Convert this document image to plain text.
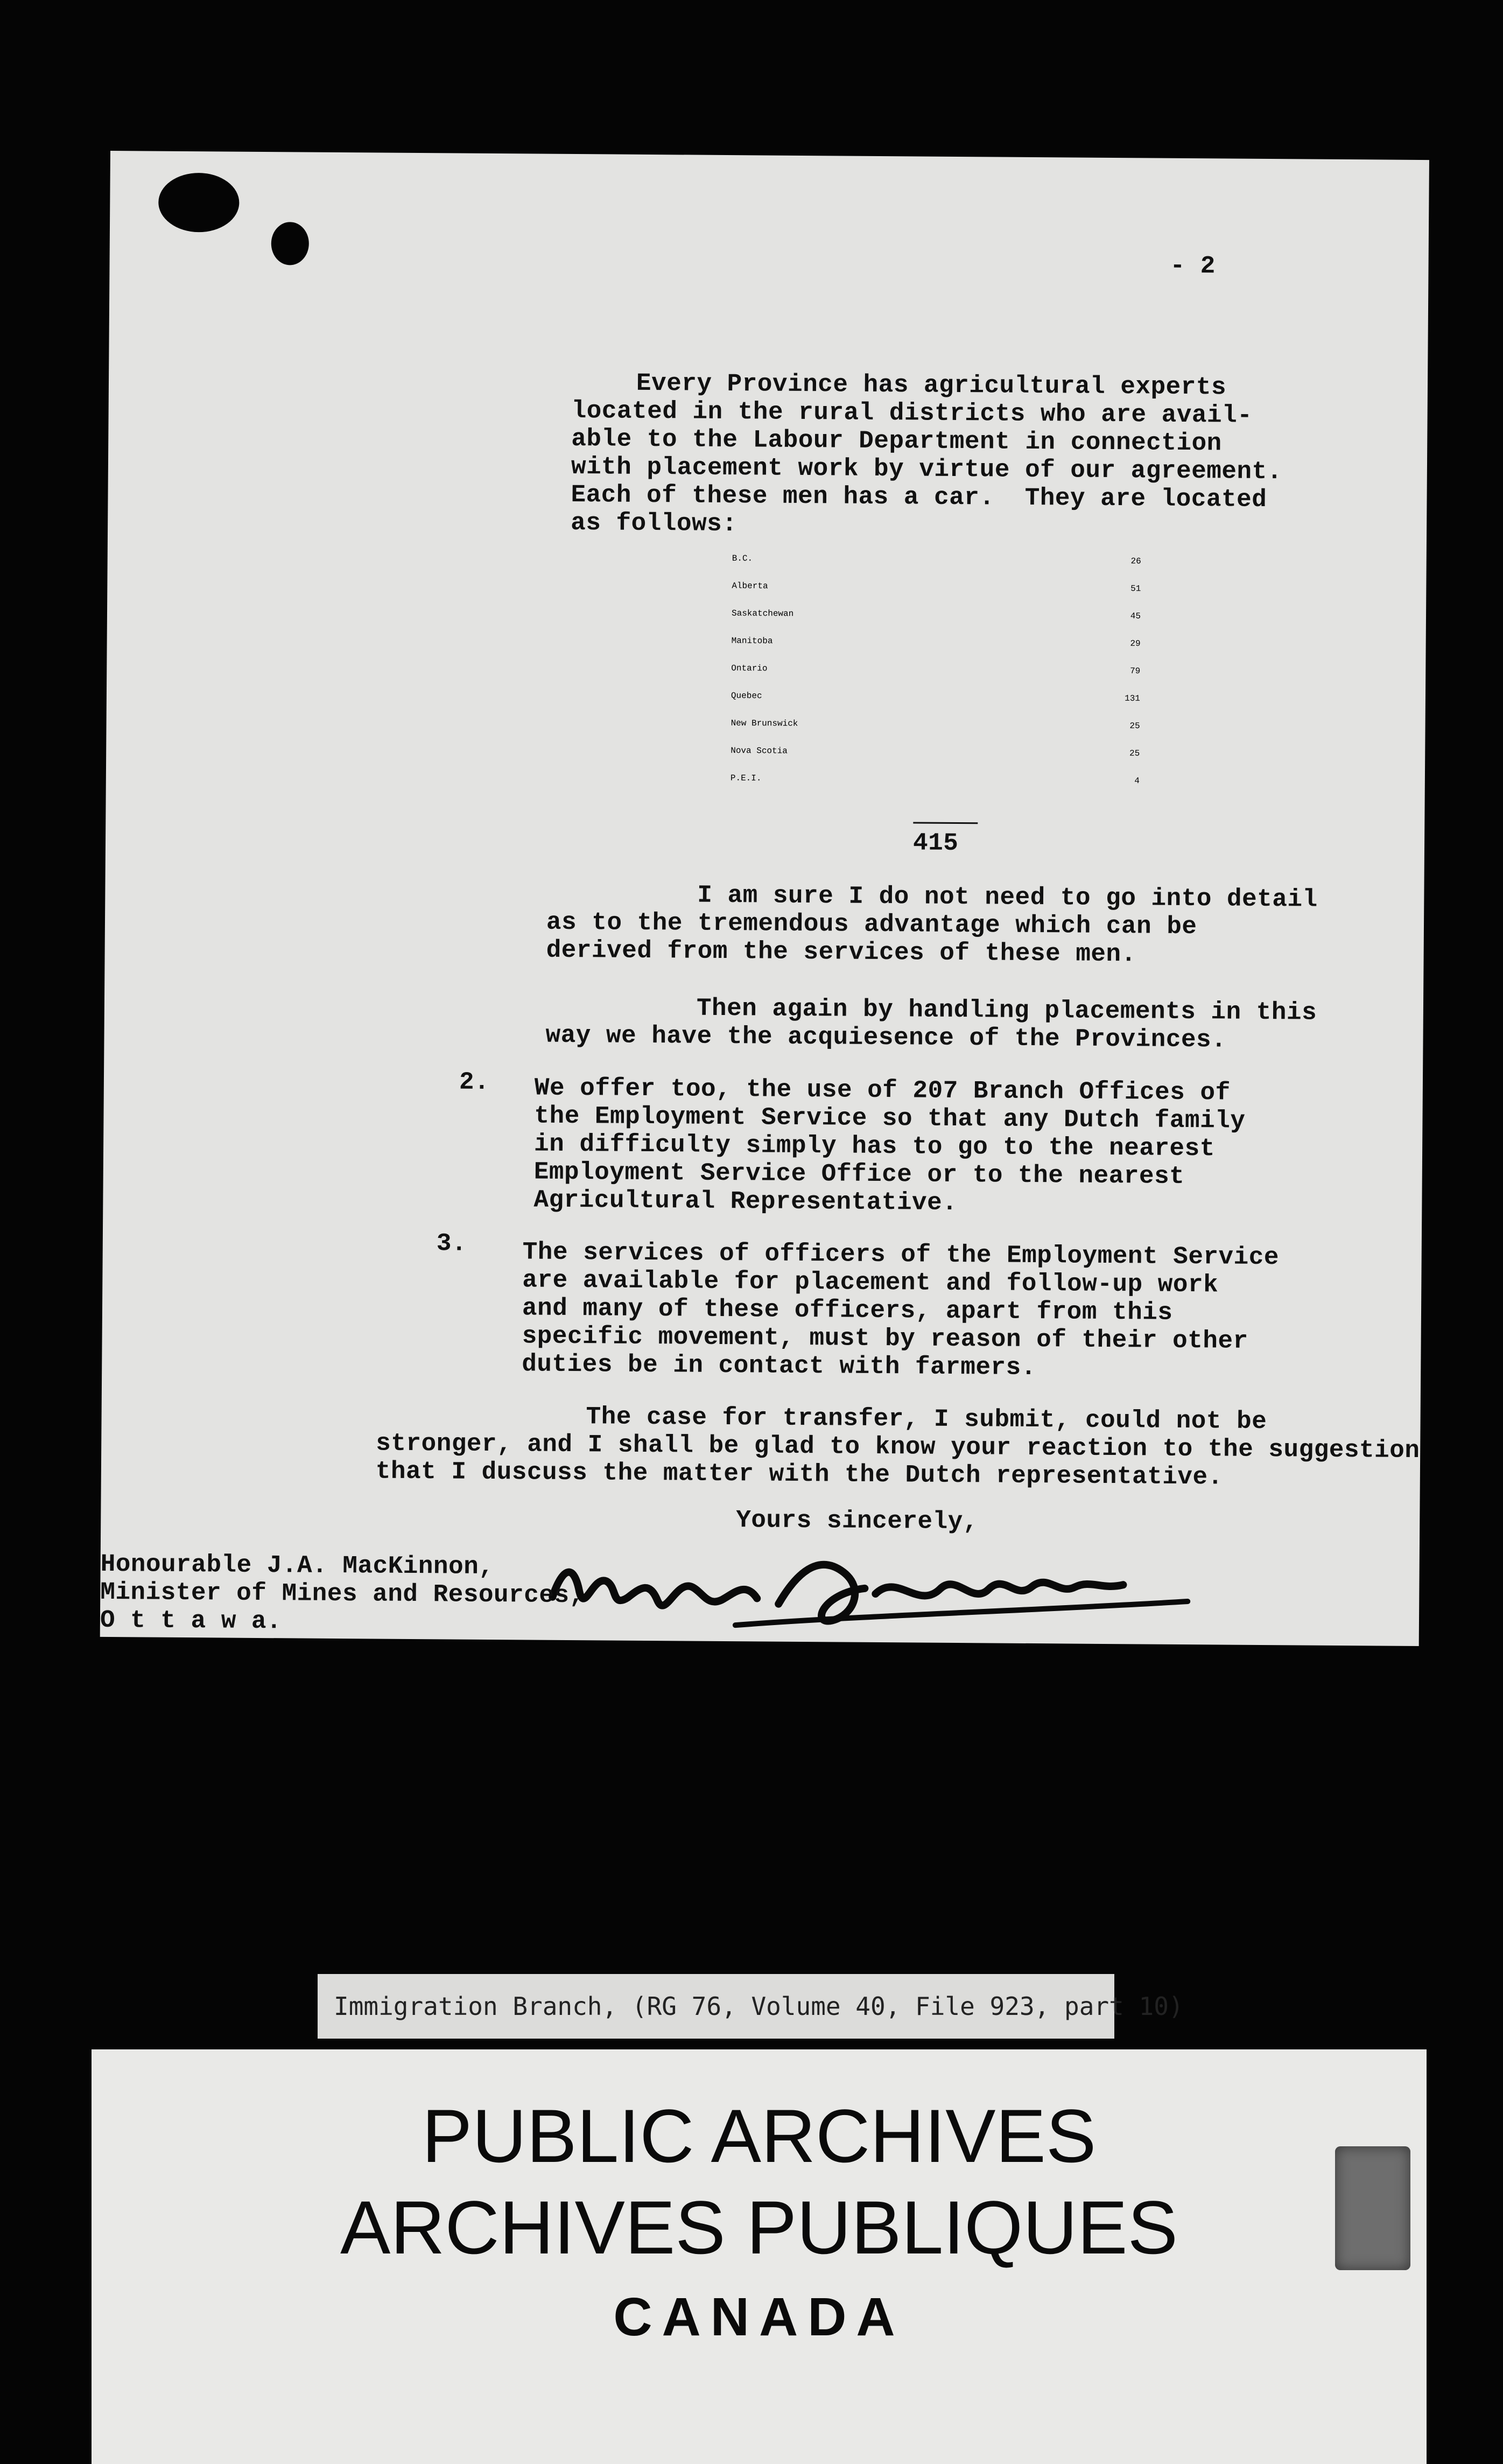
- 2
Every Province has agricultural experts
located in the rural districts who are avail-
able to the Labour Department in connection
with placement work by virtue of our agreement.
Each of these men has a car.  They are located
as follows:
B.C.	26
Alberta	51
Saskatchewan	45
Manitoba	29
Ontario	79
Quebec	131
New Brunswick	25
Nova Scotia	25
P.E.I.	4
415
I am sure I do not need to go into detail
as to the tremendous advantage which can be
derived from the services of these men.
Then again by handling placements in this
way we have the acquiesence of the Provinces.
2. We offer too, the use of 207 Branch Offices of
the Employment Service so that any Dutch family
in difficulty simply has to go to the nearest
Employment Service Office or to the nearest
Agricultural Representative.
3. The services of officers of the Employment Service
are available for placement and follow-up work
and many of these officers, apart from this
specific movement, must by reason of their other
duties be in contact with farmers.
The case for transfer, I submit, could not be
stronger, and I shall be glad to know your reaction to the suggestion
that I duscuss the matter with the Dutch representative.
Yours sincerely,
Honourable J.A. MacKinnon,
Minister of Mines and Resources,
O t t a w a.
Immigration Branch, (RG 76, Volume 40, File 923, part 10)
PUBLIC ARCHIVES
ARCHIVES PUBLIQUES
CANADA
